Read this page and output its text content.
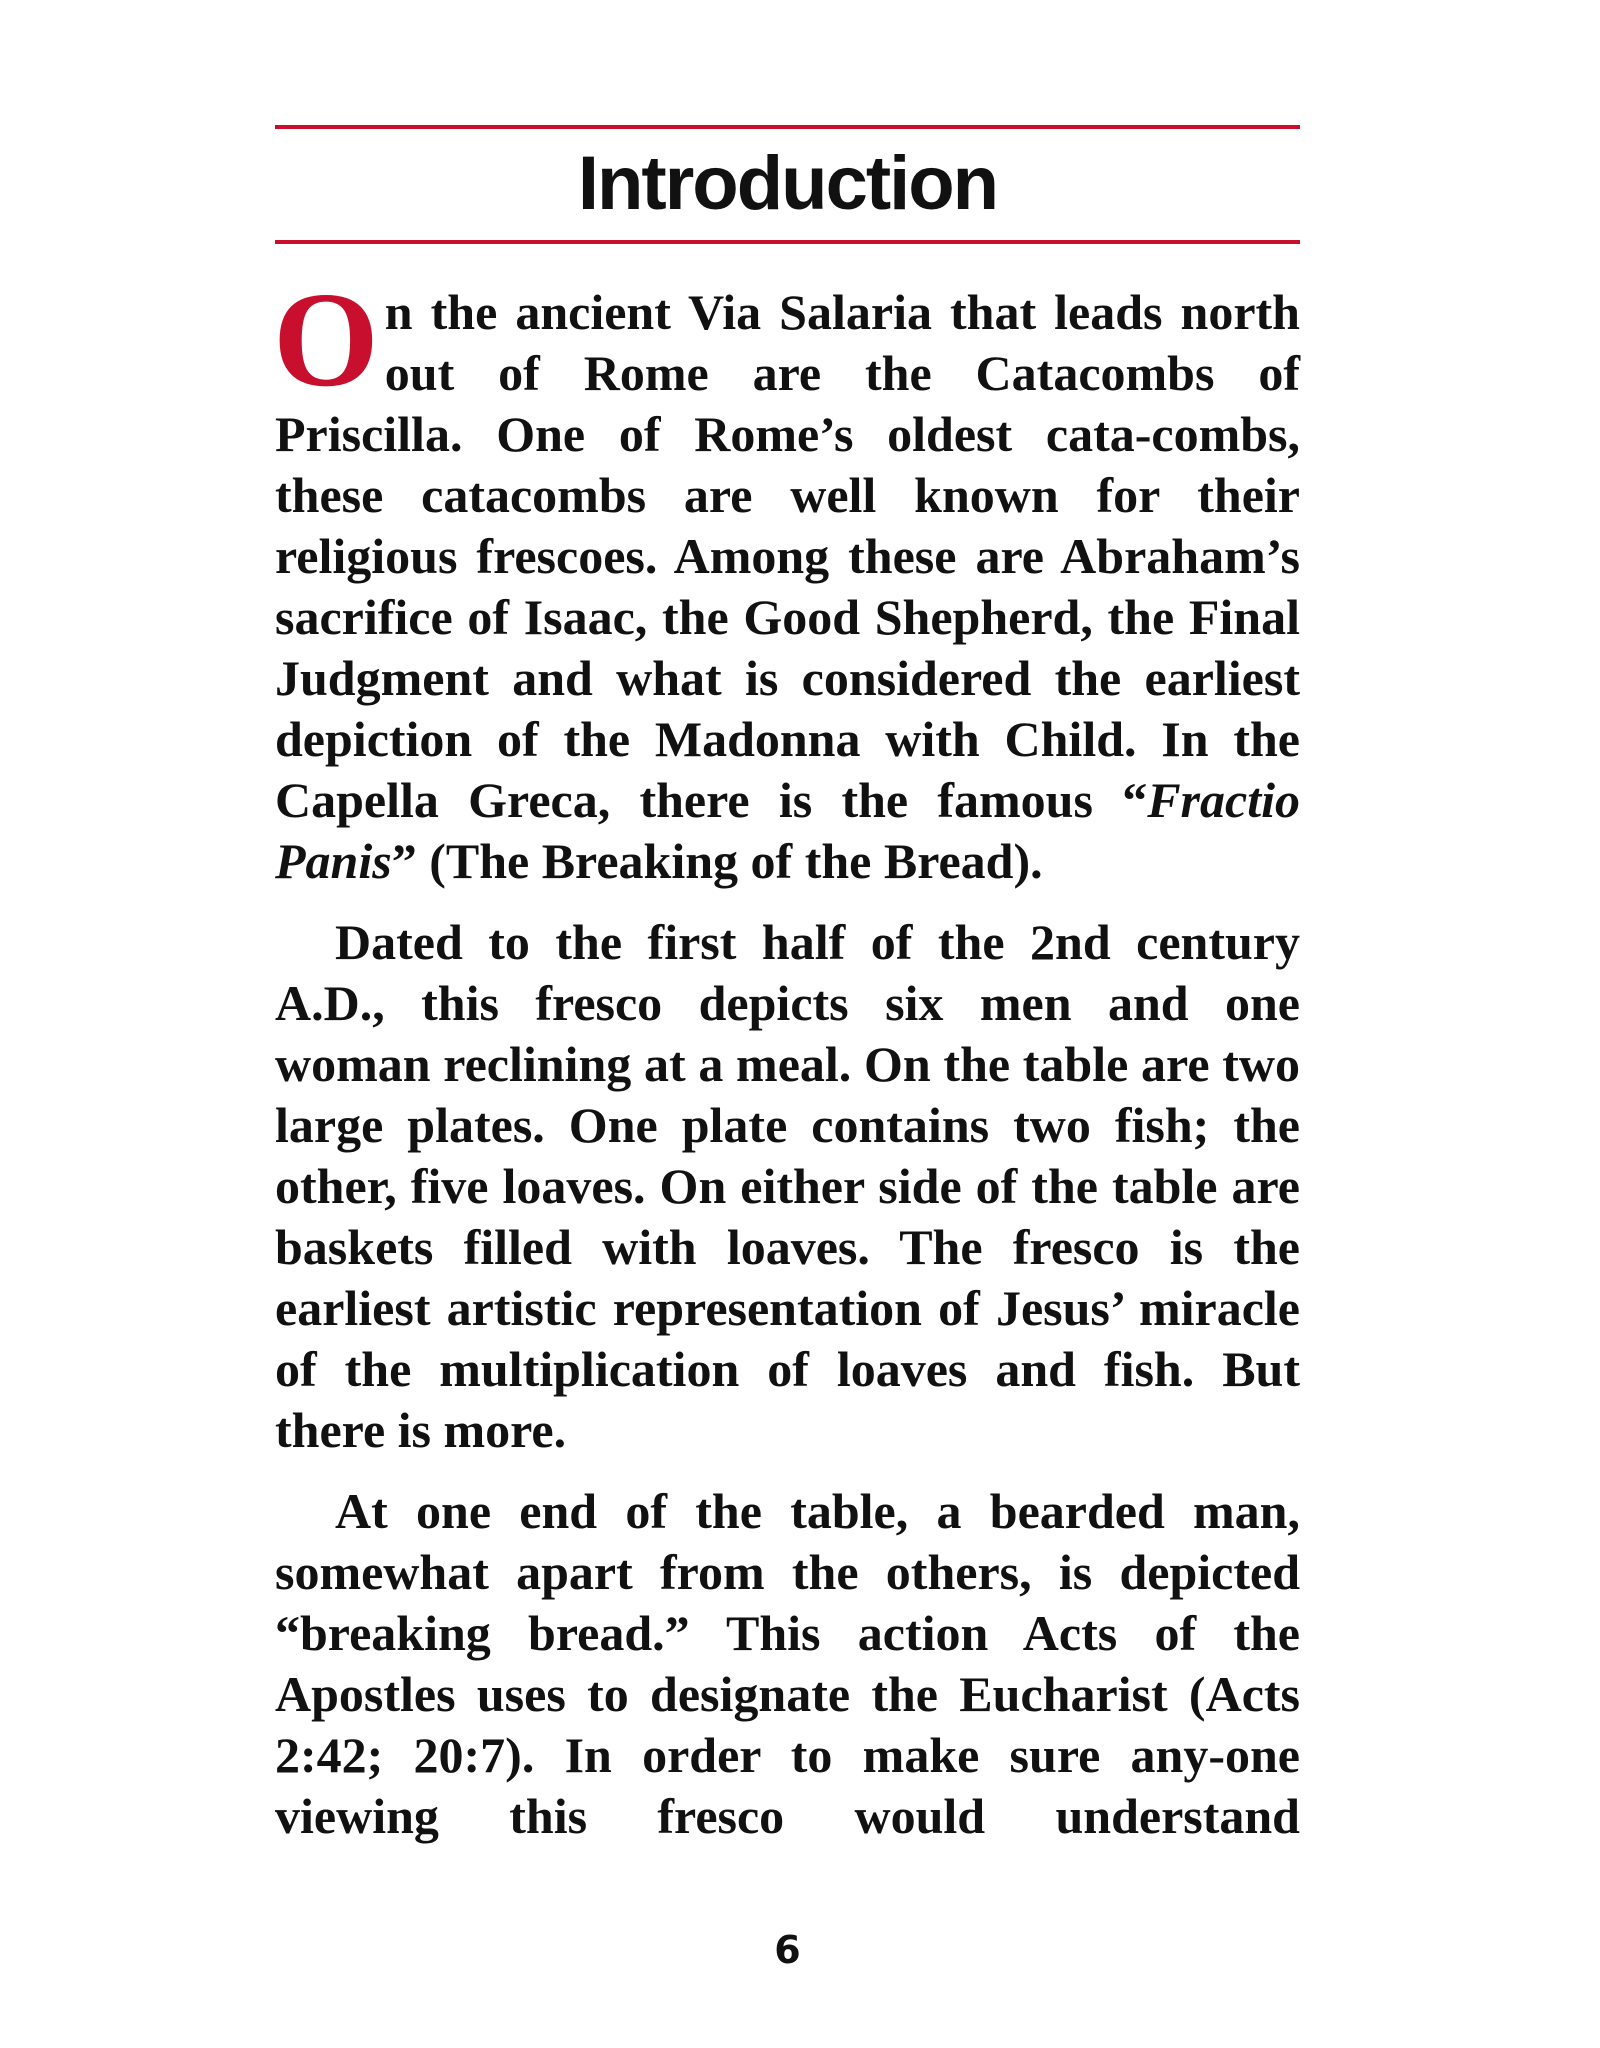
Introduction

O n the ancient Via Salaria that leads north out of Rome are the Catacombs of Priscilla. One of Rome’s oldest cata-combs, these catacombs are well known for their religious frescoes. Among these are Abraham’s sacrifice of Isaac, the Good Shepherd, the Final Judgment and what is considered the earliest depiction of the Madonna with Child. In the Capella Greca, there is the famous “Fractio Panis” (The Breaking of the Bread).

Dated to the first half of the 2nd century A.D., this fresco depicts six men and one woman reclining at a meal. On the table are two large plates. One plate contains two fish; the other, five loaves. On either side of the table are baskets filled with loaves. The fresco is the earliest artistic representation of Jesus’ miracle of the multiplication of loaves and fish. But there is more.

At one end of the table, a bearded man, somewhat apart from the others, is depicted “breaking bread.” This action Acts of the Apostles uses to designate the Eucharist (Acts 2:42; 20:7). In order to make sure any-one viewing this fresco would understand

6
